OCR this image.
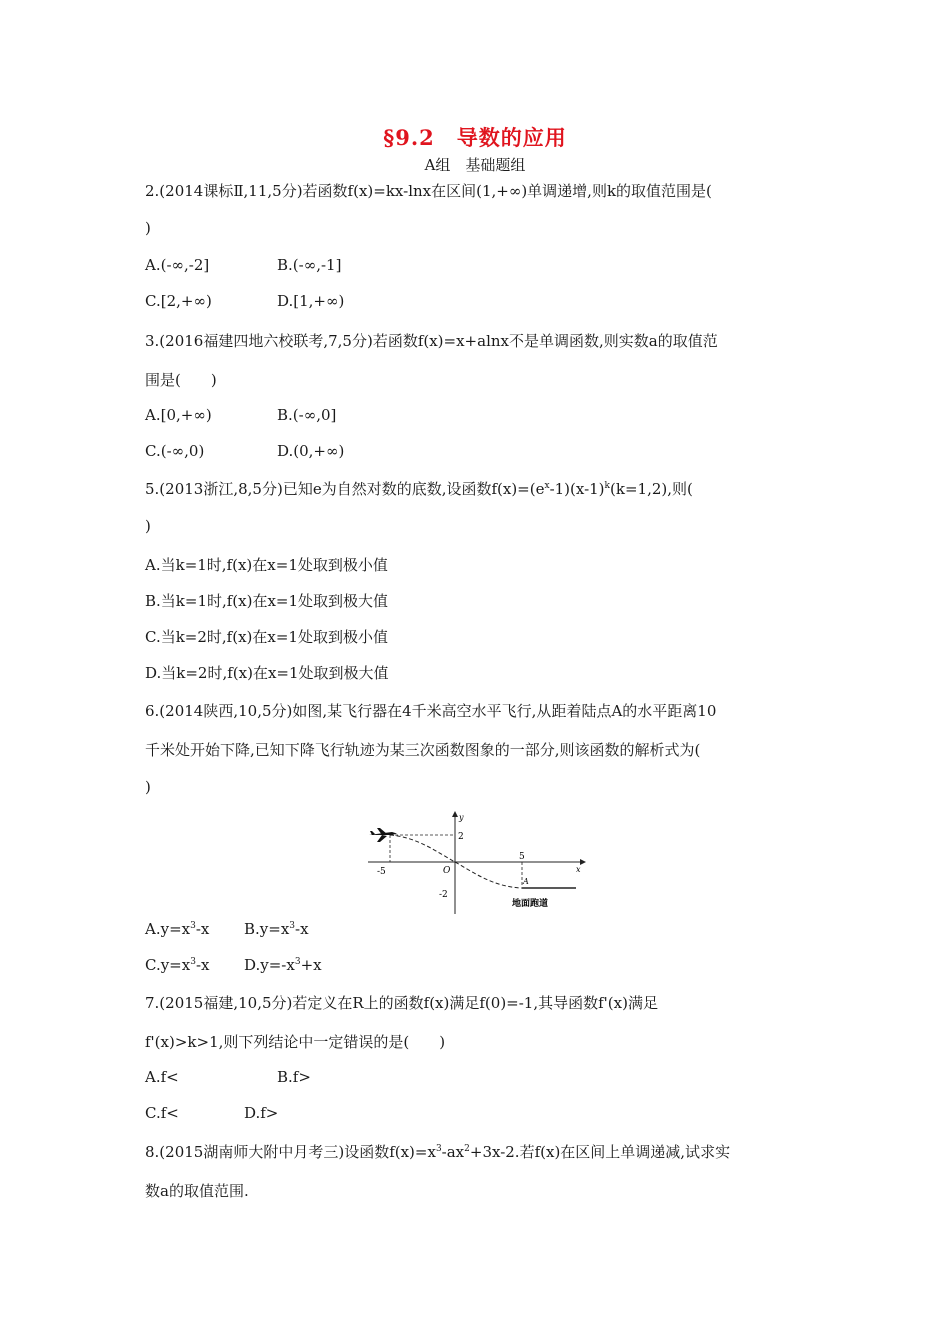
§9.2　导数的应用
A组　基础题组
2.(2014课标Ⅱ,11,5分)若函数f(x)=kx-lnx在区间(1,+∞)单调递增,则k的取值范围是(
)
A.(-∞,-2]	B.(-∞,-1]
C.[2,+∞)	D.[1,+∞)
3.(2016福建四地六校联考,7,5分)若函数f(x)=x+alnx不是单调函数,则实数a的取值范
围是(　　)
A.[0,+∞)	B.(-∞,0]
C.(-∞,0)	D.(0,+∞)
5.(2013浙江,8,5分)已知e为自然对数的底数,设函数$f(x)=(e^x-1)(x-1)^k(k=1,2)$,则(
)
A.当k=1时,f(x)在x=1处取到极小值
B.当k=1时,f(x)在x=1处取到极大值
C.当k=2时,f(x)在x=1处取到极小值
D.当k=2时,f(x)在x=1处取到极大值
6.(2014陕西,10,5分)如图,某飞行器在4千米高空水平飞行,从距着陆点A的水平距离10
千米处开始下降,已知下降飞行轨迹为某三次函数图象的一部分,则该函数的解析式为(
)
y
x
2
5
-5	O
-2
A
地面跑道
$A.y=x^3-x$ $B.y=x^3-x$
$C.y=x^3-x$ $D.y=-x^3+x$
7.(2015福建,10,5分)若定义在R上的函数f(x)满足f(0)=-1,其导函数f'(x)满足
f'(x)>k>1,则下列结论中一定错误的是(　　)
A.f<	B.f>
C.f<	D.f>
8.(2015湖南师大附中月考三)设函数$f(x)=x^3-ax^2+3x-2$.若f(x)在区间上单调递减,试求实
数a的取值范围.
